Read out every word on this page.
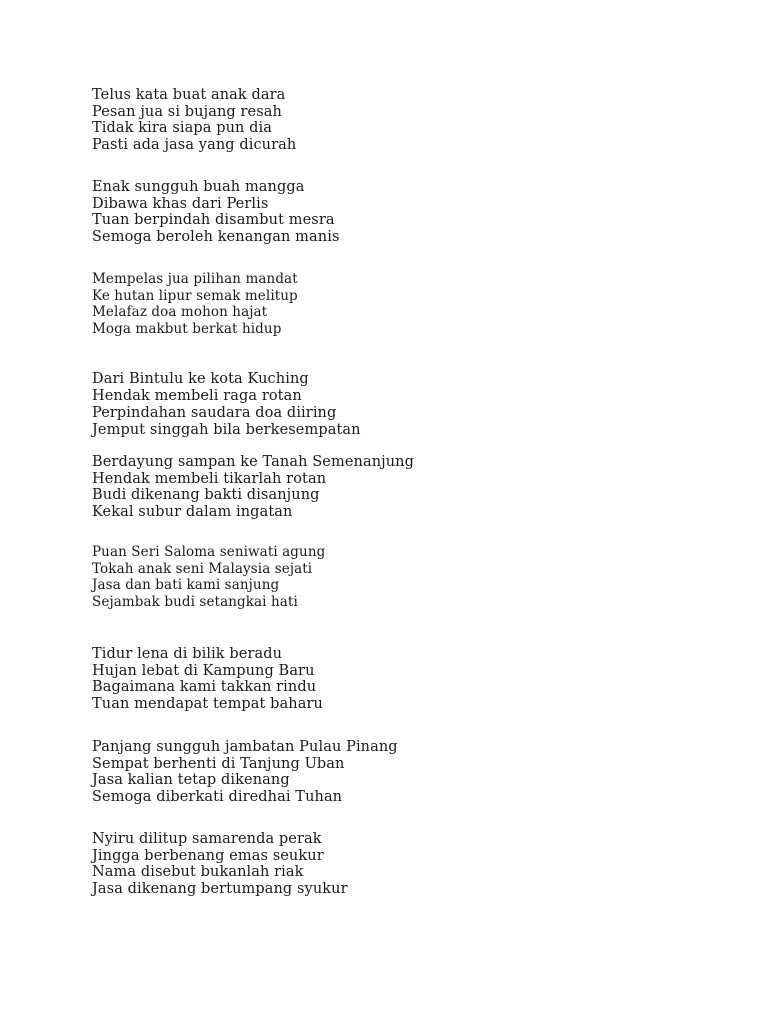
Telus kata buat anak dara
Pesan jua si bujang resah
Tidak kira siapa pun dia
Pasti ada jasa yang dicurah
Enak sungguh buah mangga
Dibawa khas dari Perlis
Tuan berpindah disambut mesra
Semoga beroleh kenangan manis
Mempelas jua pilihan mandat
Ke hutan lipur semak melitup
Melafaz doa mohon hajat
Moga makbut berkat hidup
Dari Bintulu ke kota Kuching
Hendak membeli raga rotan
Perpindahan saudara doa diiring
Jemput singgah bila berkesempatan
Berdayung sampan ke Tanah Semenanjung
Hendak membeli tikarlah rotan
Budi dikenang bakti disanjung
Kekal subur dalam ingatan
Puan Seri Saloma seniwati agung
Tokah anak seni Malaysia sejati
Jasa dan bati kami sanjung
Sejambak budi setangkai hati
Tidur lena di bilik beradu
Hujan lebat di Kampung Baru
Bagaimana kami takkan rindu
Tuan mendapat tempat baharu
Panjang sungguh jambatan Pulau Pinang
Sempat berhenti di Tanjung Uban
Jasa kalian tetap dikenang
Semoga diberkati diredhai Tuhan
Nyiru dilitup samarenda perak
Jingga berbenang emas seukur
Nama disebut bukanlah riak
Jasa dikenang bertumpang syukur
